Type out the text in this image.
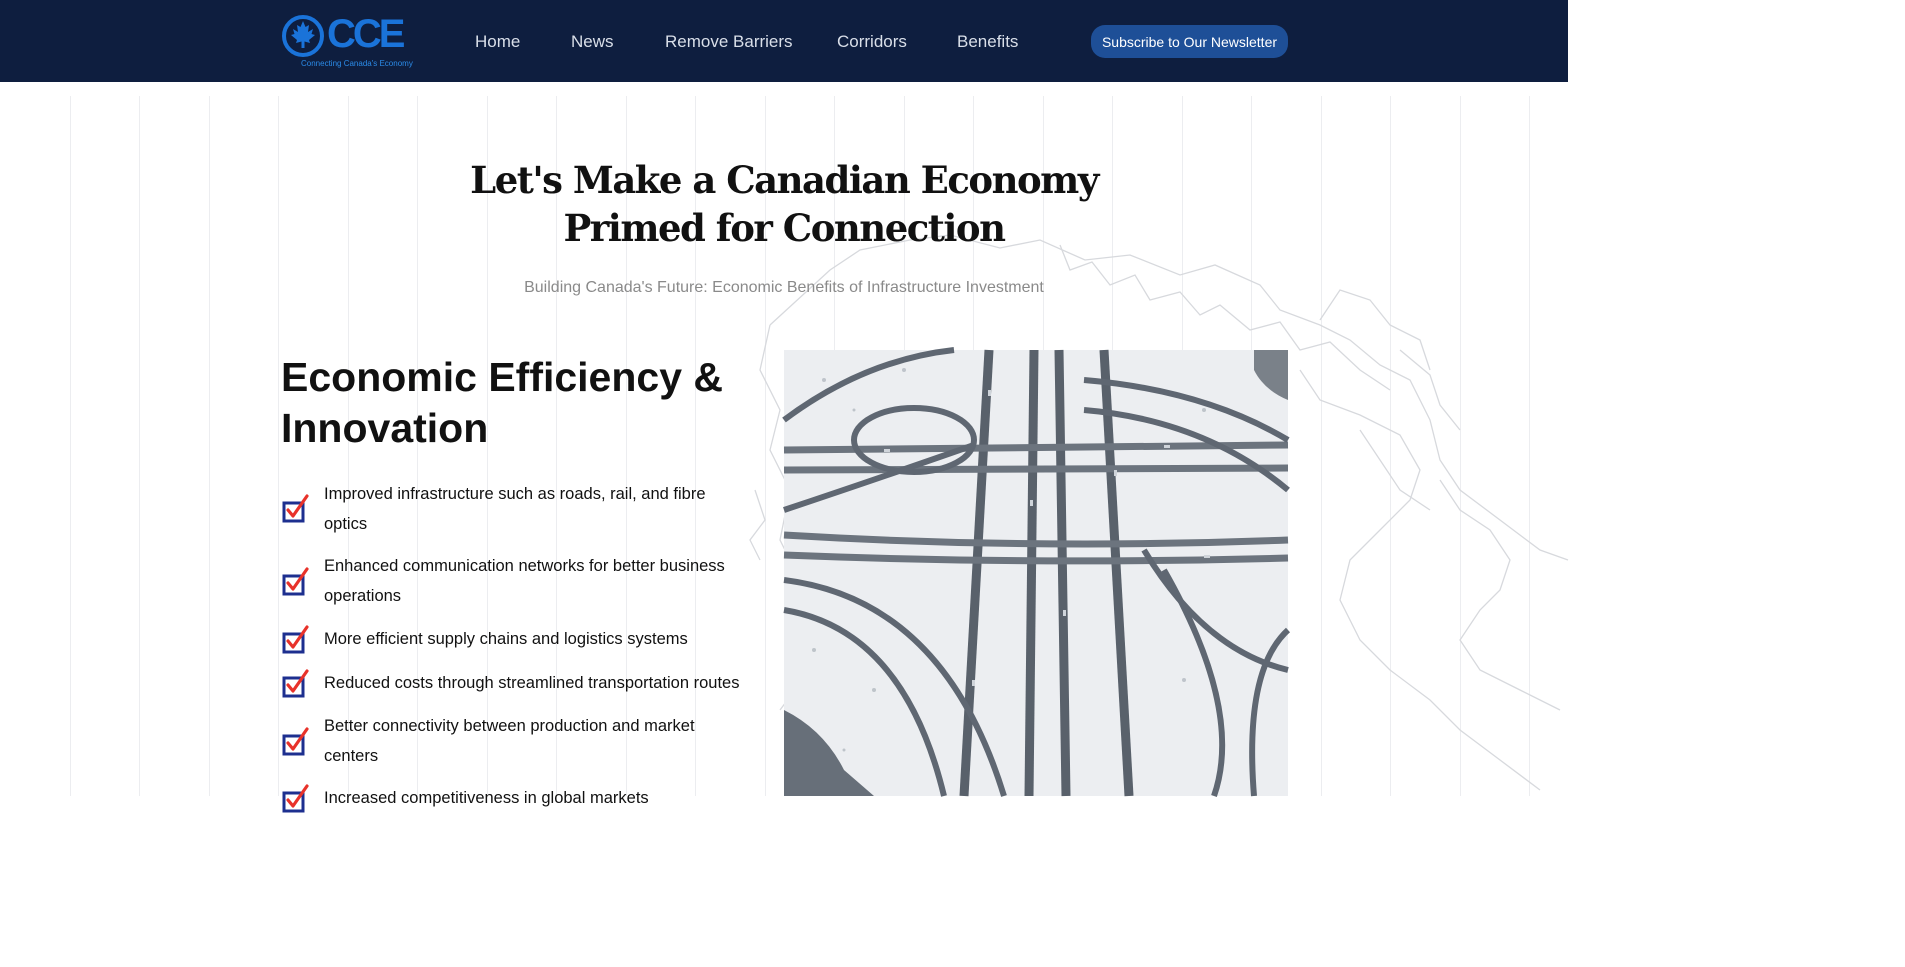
CCE
Connecting Canada's Economy
Home	News	Remove Barriers	Corridors	Benefits	Subscribe to Our Newsletter
Let's Make a Canadian Economy
Primed for Connection

Building Canada's Future: Economic Benefits of Infrastructure Investment

Economic Efficiency &
Innovation
Improved infrastructure such as roads, rail, and fibre
optics
Enhanced communication networks for better business
operations
More efficient supply chains and logistics systems
Reduced costs through streamlined transportation routes
Better connectivity between production and market
centers
Increased competitiveness in global markets
